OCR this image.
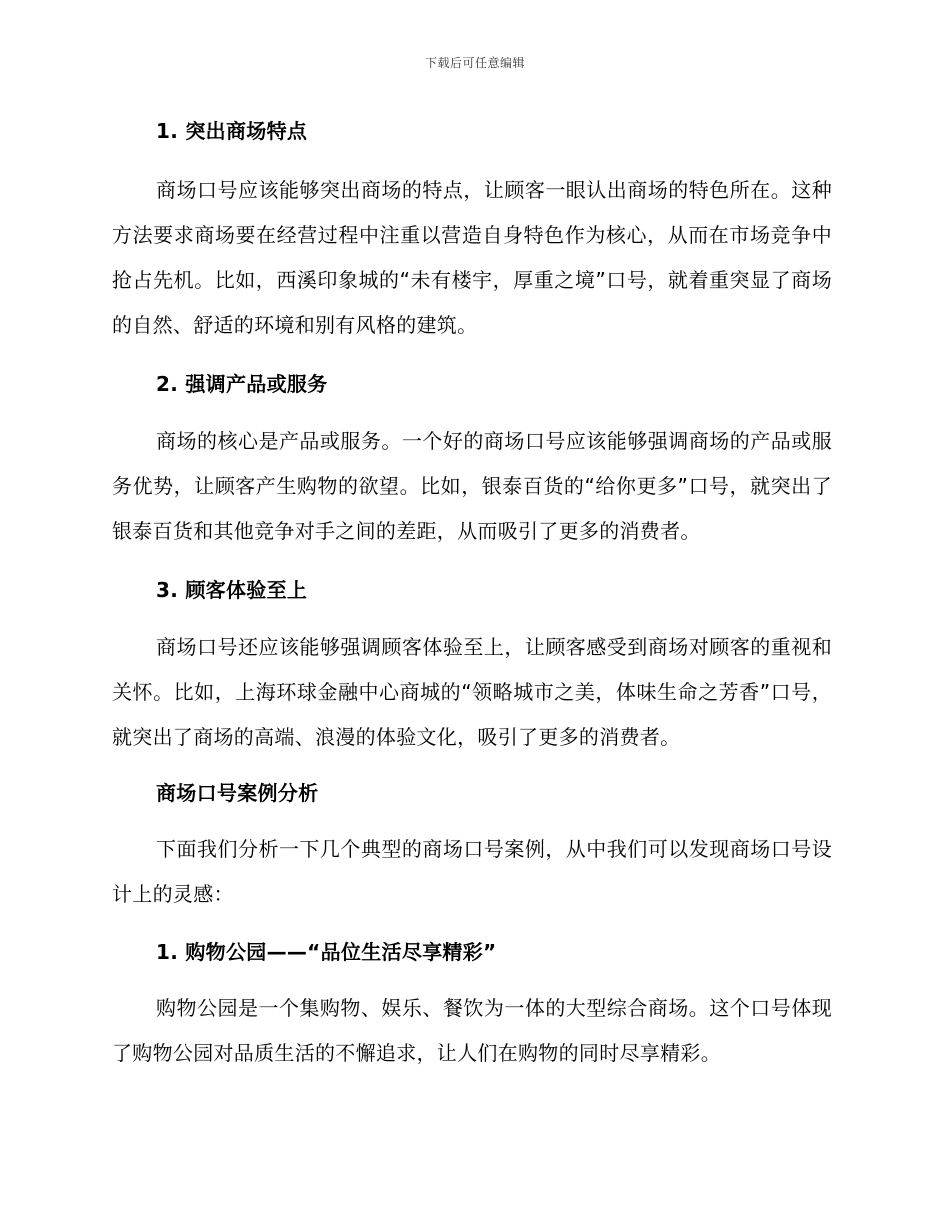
下载后可任意编辑
1. 突出商场特点

商场口号应该能够突出商场的特点，让顾客一眼认出商场的特色所在。这种方法要求商场要在经营过程中注重以营造自身特色作为核心，从而在市场竞争中抢占先机。比如，西溪印象城的“未有楼宇，厚重之境”口号，就着重突显了商场的自然、舒适的环境和别有风格的建筑。

2. 强调产品或服务

商场的核心是产品或服务。一个好的商场口号应该能够强调商场的产品或服务优势，让顾客产生购物的欲望。比如，银泰百货的“给你更多”口号，就突出了银泰百货和其他竞争对手之间的差距，从而吸引了更多的消费者。

3. 顾客体验至上

商场口号还应该能够强调顾客体验至上，让顾客感受到商场对顾客的重视和关怀。比如，上海环球金融中心商城的“领略城市之美，体味生命之芳香”口号，就突出了商场的高端、浪漫的体验文化，吸引了更多的消费者。

商场口号案例分析

下面我们分析一下几个典型的商场口号案例，从中我们可以发现商场口号设计上的灵感：

1. 购物公园——“品位生活尽享精彩”

购物公园是一个集购物、娱乐、餐饮为一体的大型综合商场。这个口号体现了购物公园对品质生活的不懈追求，让人们在购物的同时尽享精彩。
